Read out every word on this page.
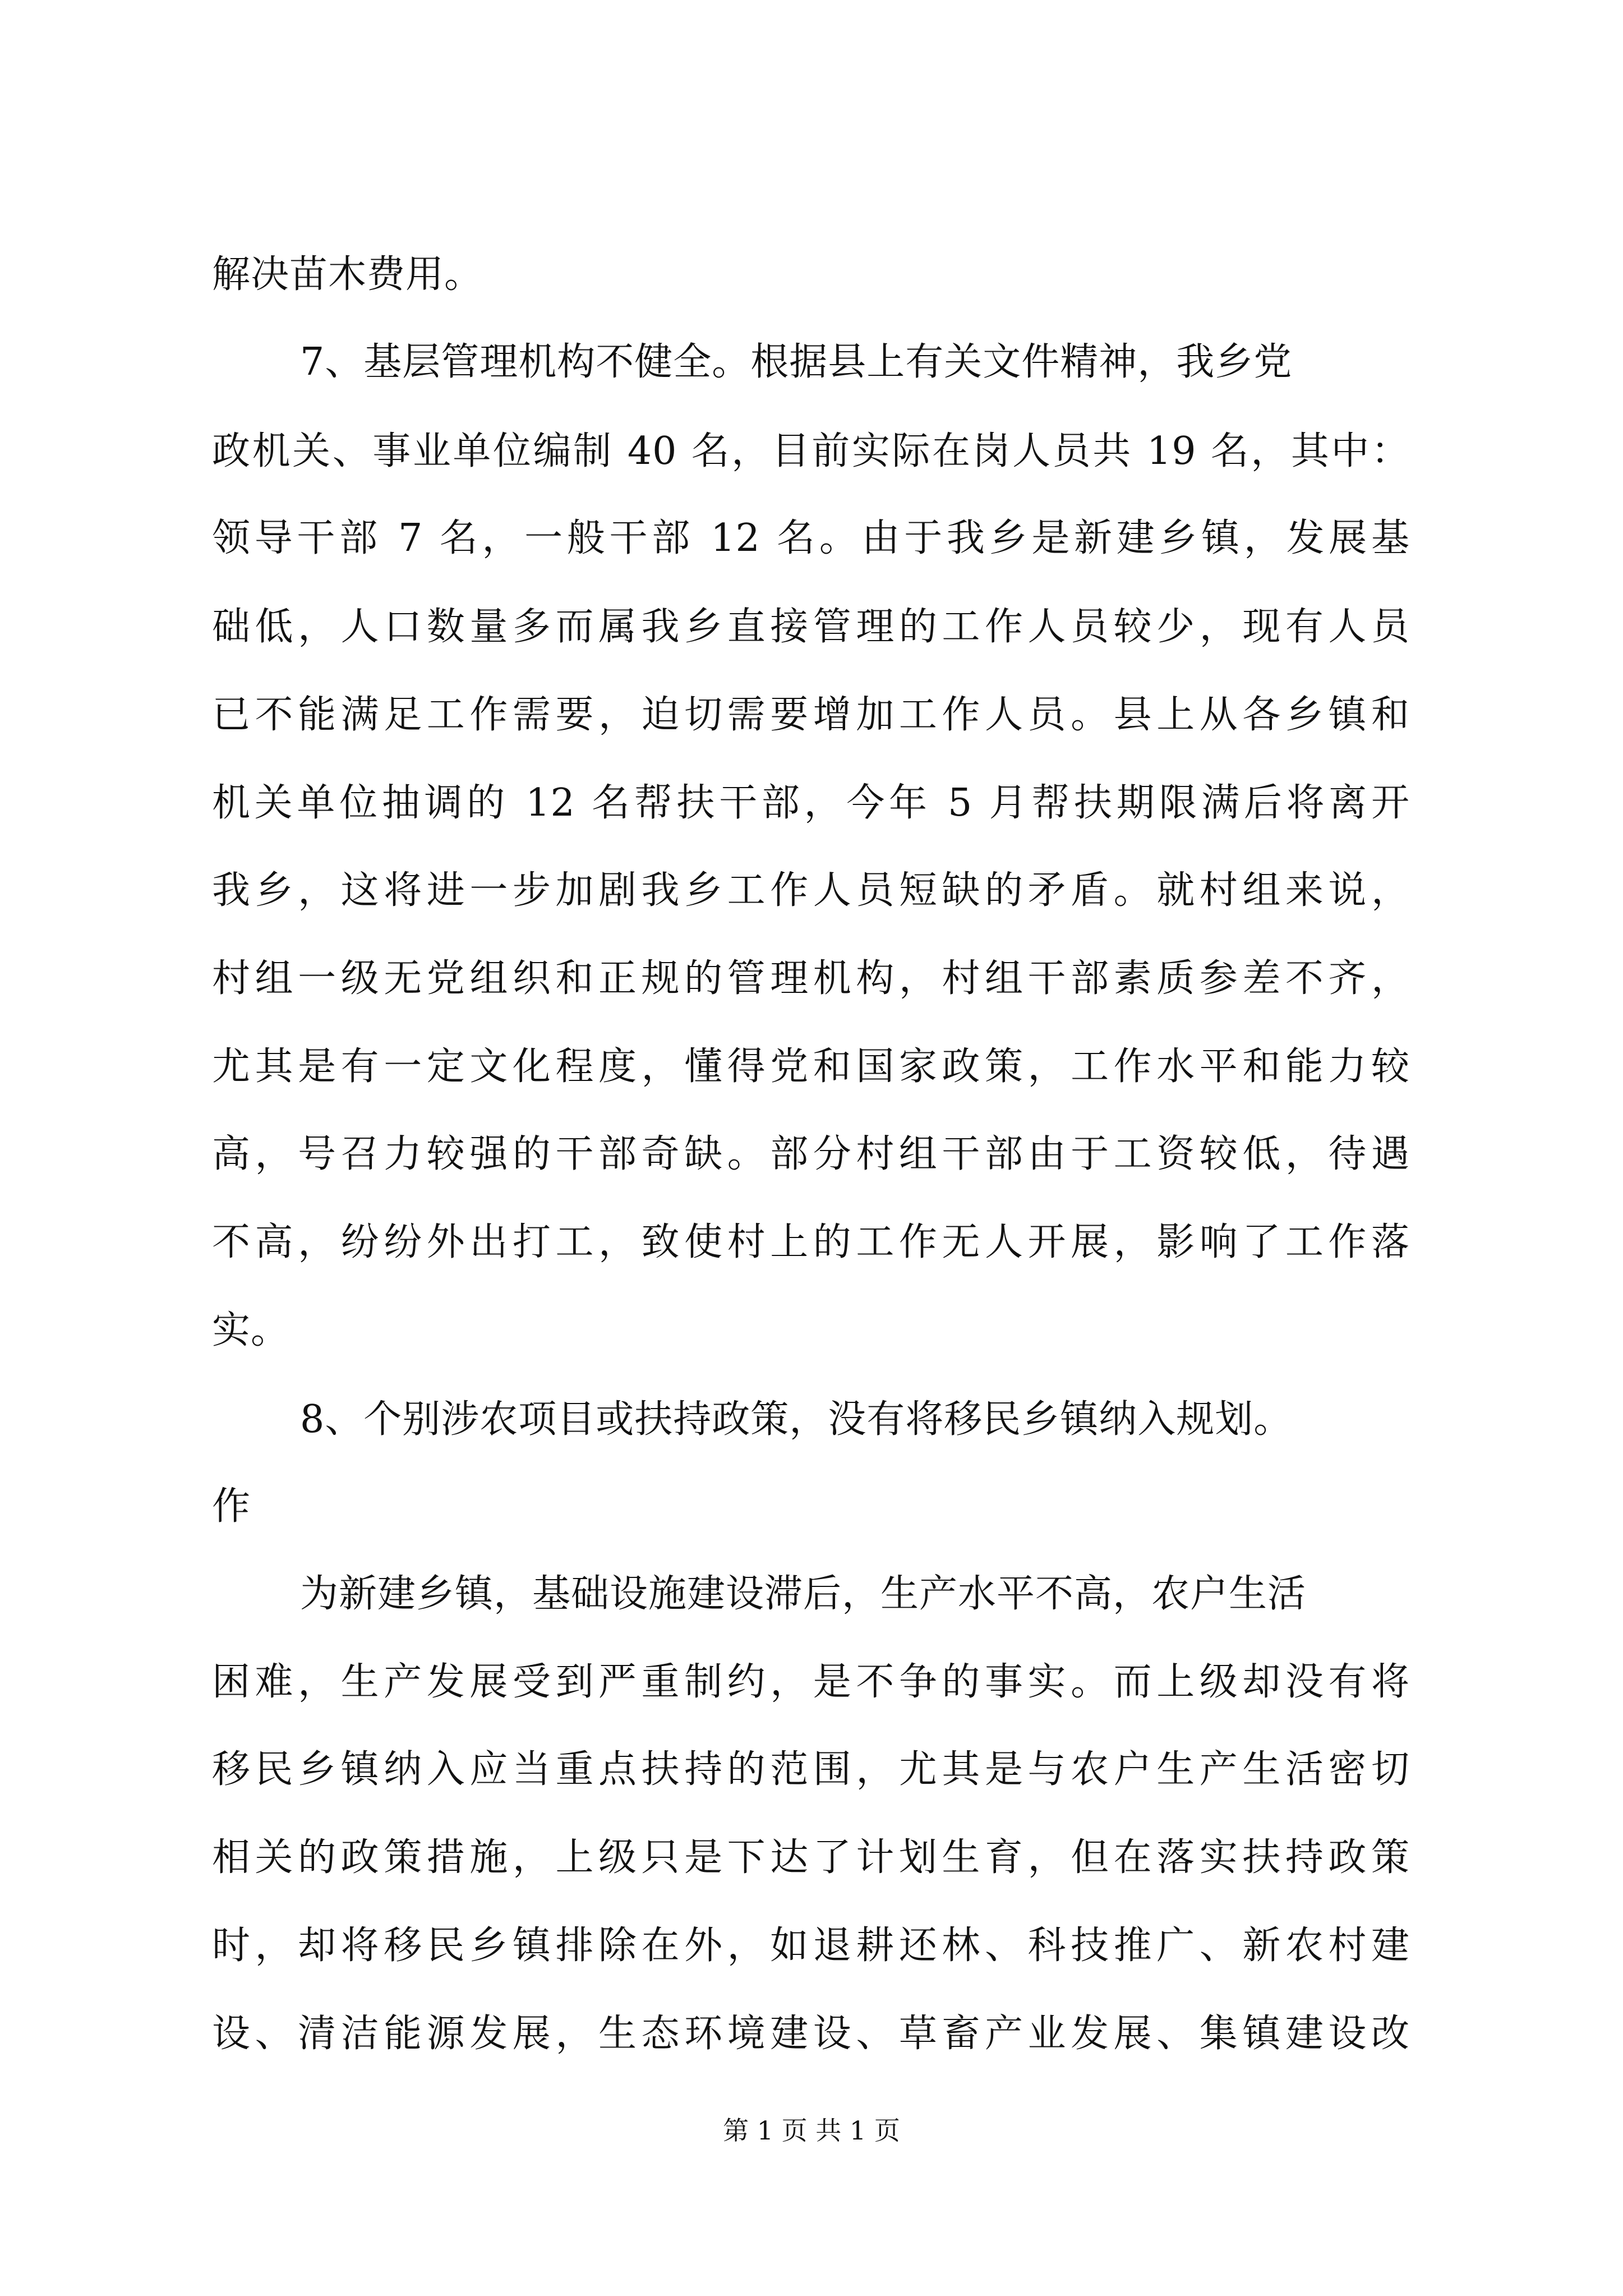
解决苗木费用。
7、基层管理机构不健全。根据县上有关文件精神，我乡党
政机关、事业单位编制 40 名，目前实际在岗人员共 19 名，其中：
领导干部 7 名，一般干部 12 名。由于我乡是新建乡镇，发展基
础低，人口数量多而属我乡直接管理的工作人员较少，现有人员
已不能满足工作需要，迫切需要增加工作人员。县上从各乡镇和
机关单位抽调的 12 名帮扶干部，今年 5 月帮扶期限满后将离开
我乡，这将进一步加剧我乡工作人员短缺的矛盾。就村组来说，
村组一级无党组织和正规的管理机构，村组干部素质参差不齐，
尤其是有一定文化程度，懂得党和国家政策，工作水平和能力较
高，号召力较强的干部奇缺。部分村组干部由于工资较低，待遇
不高，纷纷外出打工，致使村上的工作无人开展，影响了工作落
实。
8、个别涉农项目或扶持政策，没有将移民乡镇纳入规划。
作
为新建乡镇，基础设施建设滞后，生产水平不高，农户生活
困难，生产发展受到严重制约，是不争的事实。而上级却没有将
移民乡镇纳入应当重点扶持的范围，尤其是与农户生产生活密切
相关的政策措施，上级只是下达了计划生育，但在落实扶持政策
时，却将移民乡镇排除在外，如退耕还林、科技推广、新农村建
设、清洁能源发展，生态环境建设、草畜产业发展、集镇建设改
第 1 页 共 1 页
